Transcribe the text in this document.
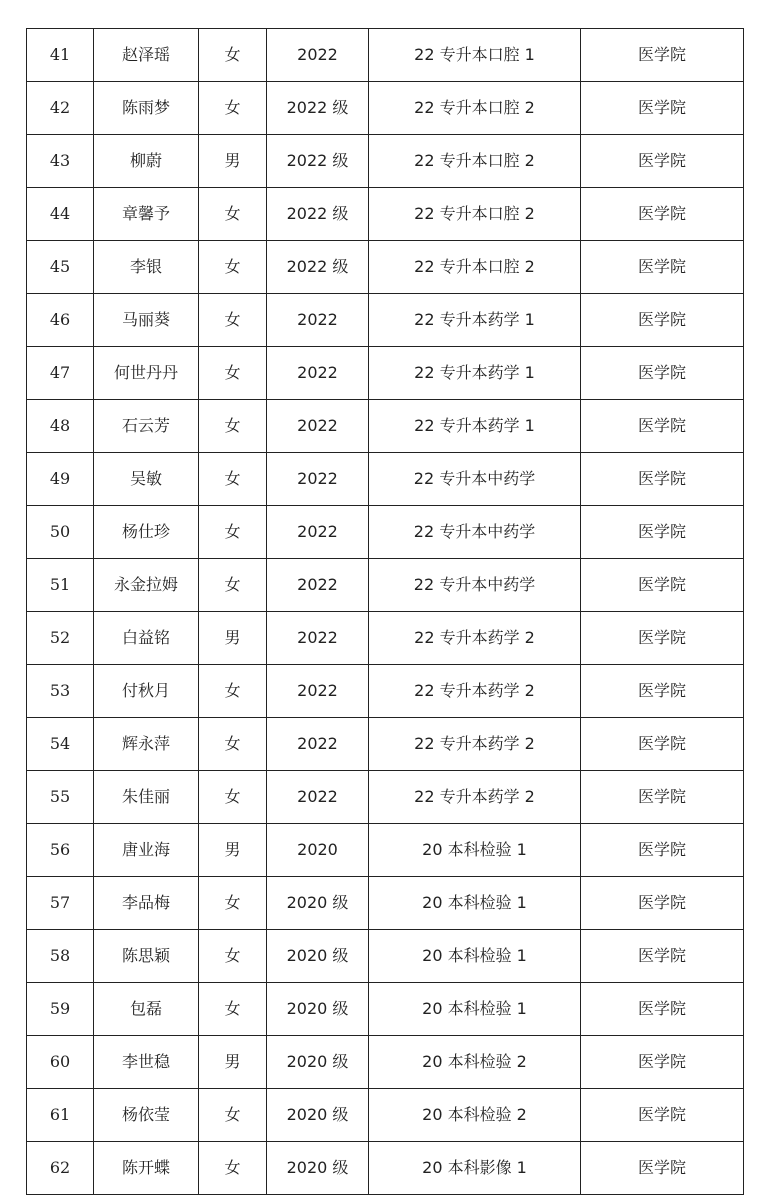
41	赵泽瑶	女	2022	22 专升本口腔 1	医学院
42	陈雨梦	女	2022 级	22 专升本口腔 2	医学院
43	柳蔚	男	2022 级	22 专升本口腔 2	医学院
44	章馨予	女	2022 级	22 专升本口腔 2	医学院
45	李银	女	2022 级	22 专升本口腔 2	医学院
46	马丽葵	女	2022	22 专升本药学 1	医学院
47	何世丹丹	女	2022	22 专升本药学 1	医学院
48	石云芳	女	2022	22 专升本药学 1	医学院
49	吴敏	女	2022	22 专升本中药学	医学院
50	杨仕珍	女	2022	22 专升本中药学	医学院
51	永金拉姆	女	2022	22 专升本中药学	医学院
52	白益铭	男	2022	22 专升本药学 2	医学院
53	付秋月	女	2022	22 专升本药学 2	医学院
54	辉永萍	女	2022	22 专升本药学 2	医学院
55	朱佳丽	女	2022	22 专升本药学 2	医学院
56	唐业海	男	2020	20 本科检验 1	医学院
57	李品梅	女	2020 级	20 本科检验 1	医学院
58	陈思颖	女	2020 级	20 本科检验 1	医学院
59	包磊	女	2020 级	20 本科检验 1	医学院
60	李世稳	男	2020 级	20 本科检验 2	医学院
61	杨依莹	女	2020 级	20 本科检验 2	医学院
62	陈开蝶	女	2020 级	20 本科影像 1	医学院
